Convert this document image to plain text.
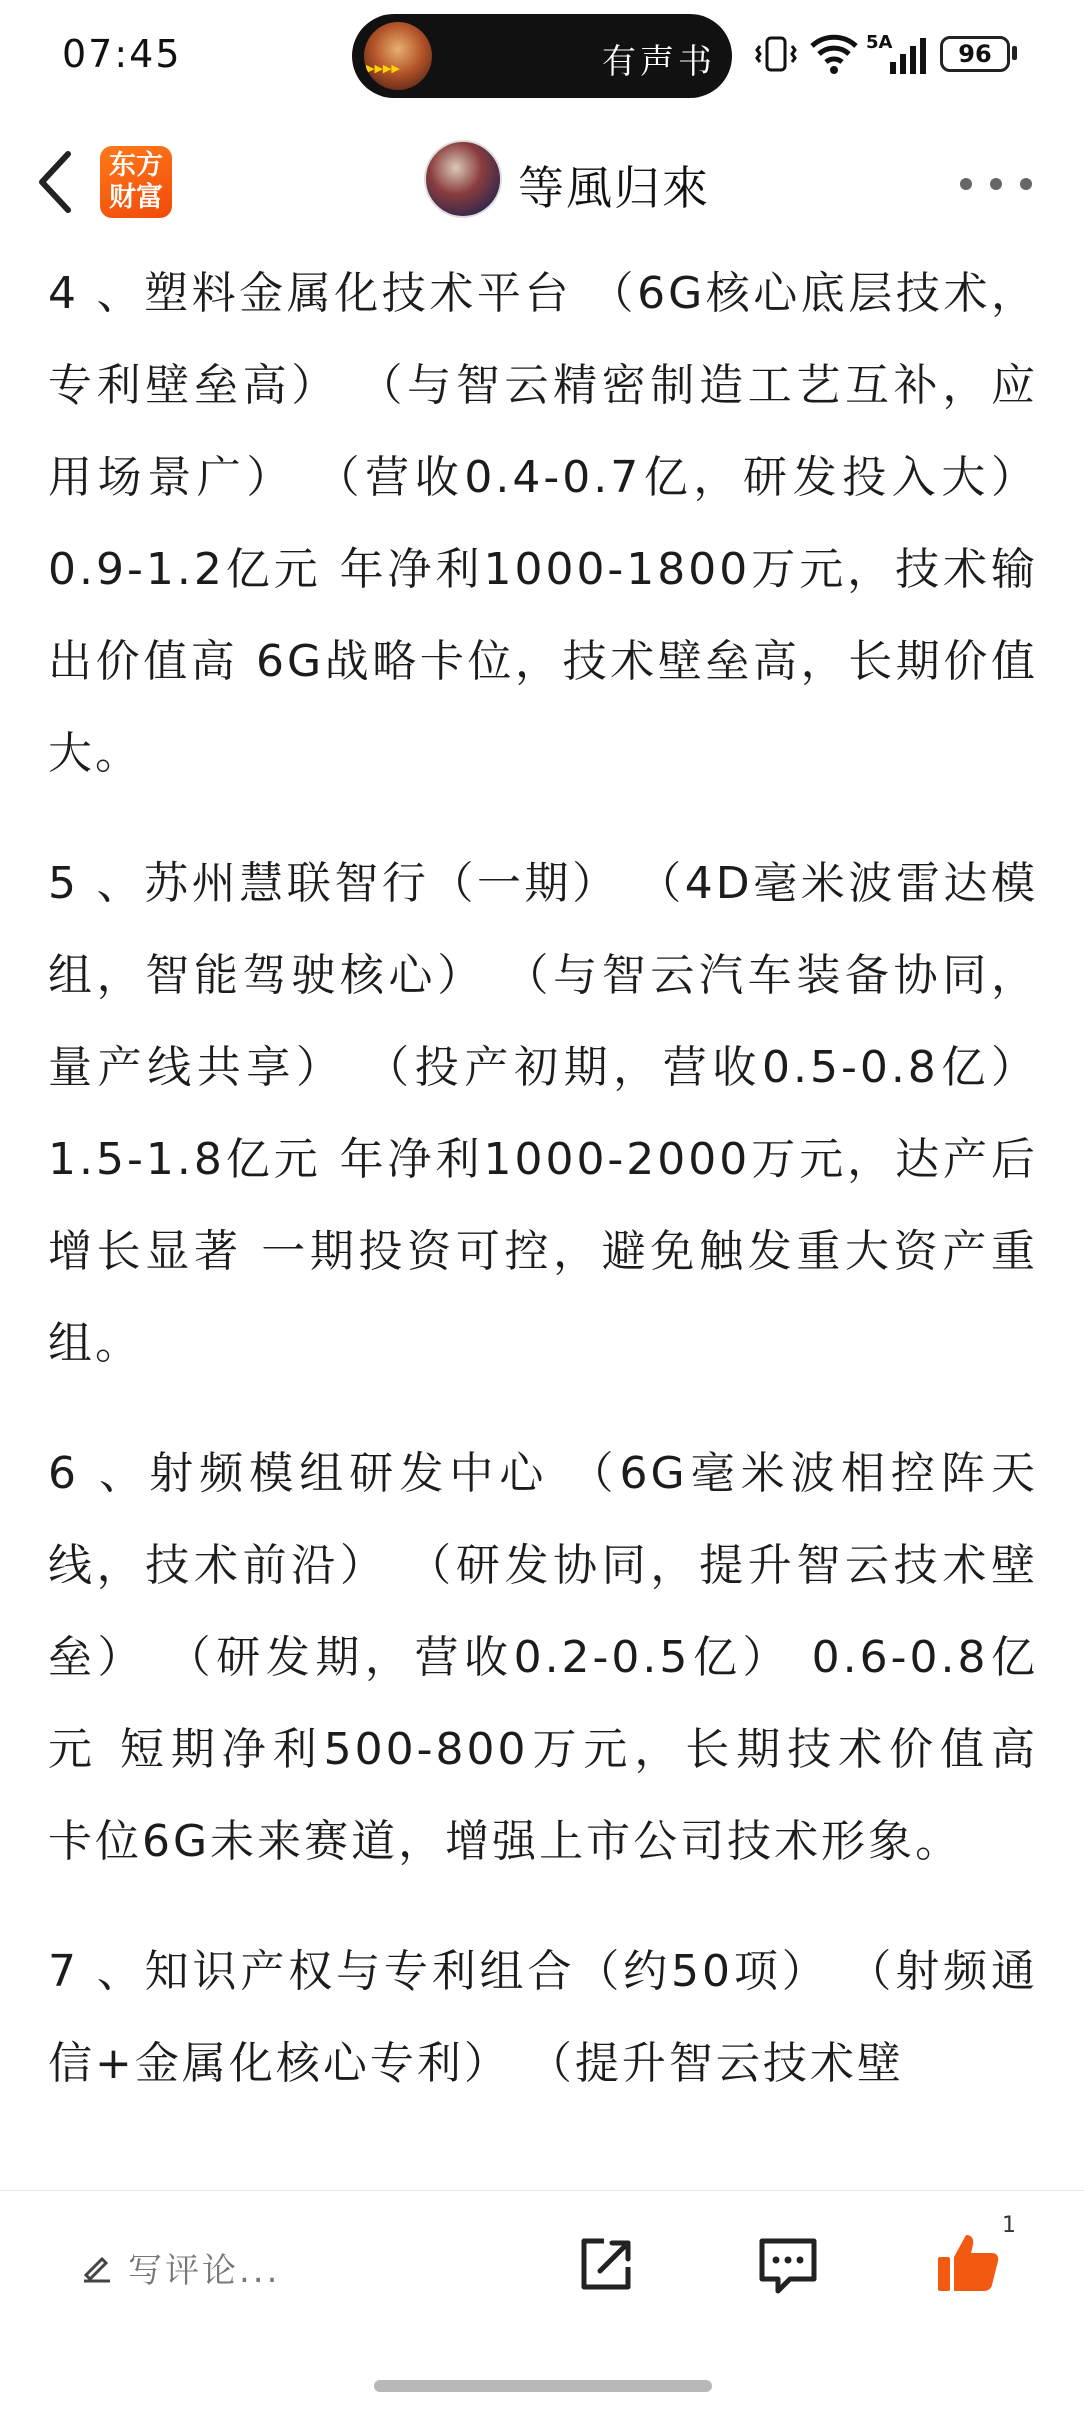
07:45	▶▶▶▶	有声书	5A	96
东方
财富	等風归來

4 、塑料金属化技术平台 （6G核心底层技术，专利壁垒高） （与智云精密制造工艺互补，应用场景广） （营收0.4-0.7亿，研发投入大） 0.9-1.2亿元 年净利1000-1800万元，技术输出价值高 6G战略卡位，技术壁垒高，长期价值大。

5 、苏州慧联智行（一期） （4D毫米波雷达模组，智能驾驶核心） （与智云汽车装备协同，量产线共享） （投产初期，营收0.5-0.8亿） 1.5-1.8亿元 年净利1000-2000万元，达产后增长显著 一期投资可控，避免触发重大资产重组。

6 、射频模组研发中心 （6G毫米波相控阵天线，技术前沿） （研发协同，提升智云技术壁垒） （研发期，营收0.2-0.5亿） 0.6-0.8亿元 短期净利500-800万元，长期技术价值高 卡位6G未来赛道，增强上市公司技术形象。

7 、知识产权与专利组合（约50项） （射频通信+金属化核心专利） （提升智云技术壁

写评论...
1
